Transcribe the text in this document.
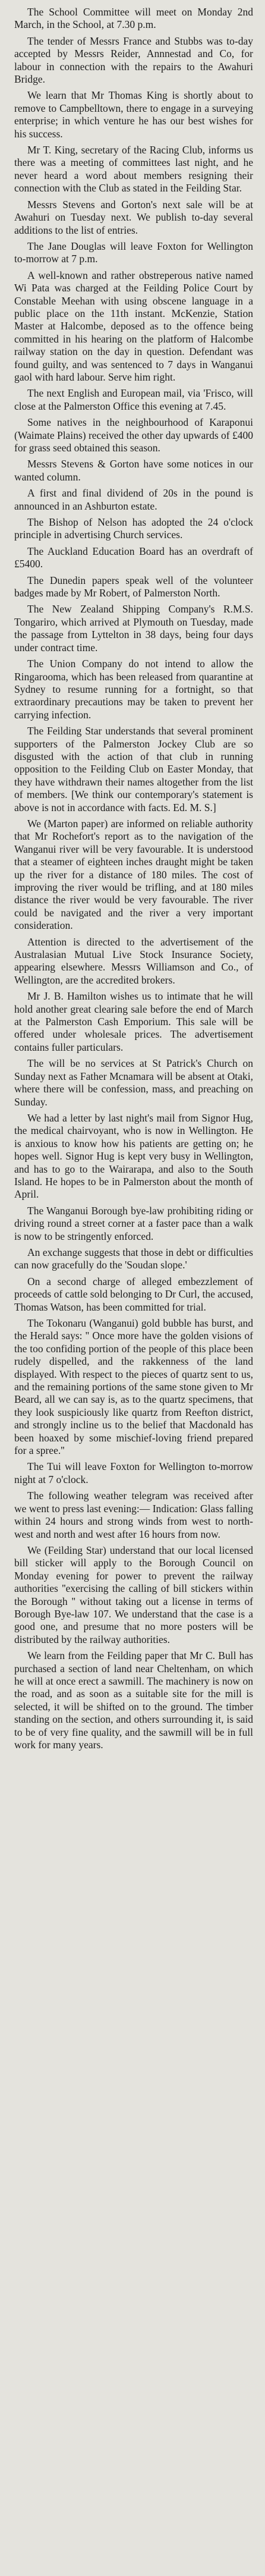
The School Committee will meet on Monday 2nd March, in the School, at 7.30 p.m.

The tender of Messrs France and Stubbs was to-day accepted by Messrs Reider, Annnestad and Co, for labour in connection with the repairs to the Awahuri Bridge.

We learn that Mr Thomas King is shortly about to remove to Campbelltown, there to engage in a surveying enterprise; in which venture he has our best wishes for his success.

Mr T. King, secretary of the Racing Club, informs us there was a meeting of committees last night, and he never heard a word about members resigning their connection with the Club as stated in the Feilding Star.

Messrs Stevens and Gorton's next sale will be at Awahuri on Tuesday next. We publish to-day several additions to the list of entries.

The Jane Douglas will leave Foxton for Wellington to-morrow at 7 p.m.

A well-known and rather obstreperous native named Wi Pata was charged at the Feilding Police Court by Constable Meehan with using obscene language in a public place on the 11th instant. McKenzie, Station Master at Halcombe, deposed as to the offence being committed in his hearing on the platform of Halcombe railway station on the day in question. Defendant was found guilty, and was sentenced to 7 days in Wanganui gaol with hard labour. Serve him right.

The next English and European mail, via 'Frisco, will close at the Palmerston Office this evening at 7.45.

Some natives in the neighbourhood of Karaponui (Waimate Plains) received the other day upwards of £400 for grass seed obtained this season.

Messrs Stevens & Gorton have some notices in our wanted column.

A first and final dividend of 20s in the pound is announced in an Ashburton estate.

The Bishop of Nelson has adopted the 24 o'clock principle in advertising Church services.

The Auckland Education Board has an overdraft of £5400.

The Dunedin papers speak well of the volunteer badges made by Mr Robert, of Palmerston North.

The New Zealand Shipping Company's R.M.S. Tongariro, which arrived at Plymouth on Tuesday, made the passage from Lyttelton in 38 days, being four days under contract time.

The Union Company do not intend to allow the Ringarooma, which has been released from quarantine at Sydney to resume running for a fortnight, so that extraordinary precautions may be taken to prevent her carrying infection.

The Feilding Star understands that several prominent supporters of the Palmerston Jockey Club are so disgusted with the action of that club in running opposition to the Feilding Club on Easter Monday, that they have withdrawn their names altogether from the list of members. [We think our contemporary's statement is above is not in accordance with facts. Ed. M. S.]

We (Marton paper) are informed on reliable authority that Mr Rochefort's report as to the navigation of the Wanganui river will be very favourable. It is understood that a steamer of eighteen inches draught might be taken up the river for a distance of 180 miles. The cost of improving the river would be trifling, and at 180 miles distance the river would be very favourable. The river could be navigated and the river a very important consideration.

Attention is directed to the advertisement of the Australasian Mutual Live Stock Insurance Society, appearing elsewhere. Messrs Williamson and Co., of Wellington, are the accredited brokers.

Mr J. B. Hamilton wishes us to intimate that he will hold another great clearing sale before the end of March at the Palmerston Cash Emporium. This sale will be offered under wholesale prices. The advertisement contains fuller particulars.

The will be no services at St Patrick's Church on Sunday next as Father Mcnamara will be absent at Otaki, where there will be confession, mass, and preaching on Sunday.

We had a letter by last night's mail from Signor Hug, the medical chairvoyant, who is now in Wellington. He is anxious to know how his patients are getting on; he hopes well. Signor Hug is kept very busy in Wellington, and has to go to the Wairarapa, and also to the South Island. He hopes to be in Palmerston about the month of April.

The Wanganui Borough bye-law prohibiting riding or driving round a street corner at a faster pace than a walk is now to be stringently enforced.

An exchange suggests that those in debt or difficulties can now gracefully do the 'Soudan slope.'

On a second charge of alleged embezzlement of proceeds of cattle sold belonging to Dr Curl, the accused, Thomas Watson, has been committed for trial.

The Tokonaru (Wanganui) gold bubble has burst, and the Herald says: '' Once more have the golden visions of the too confiding portion of the people of this place been rudely dispelled, and the rakkenness of the land displayed. With respect to the pieces of quartz sent to us, and the remaining portions of the same stone given to Mr Beard, all we can say is, as to the quartz specimens, that they look suspiciously like quartz from Reefton district, and strongly incline us to the belief that Macdonald has been hoaxed by some mischief-loving friend prepared for a spree.''

The Tui will leave Foxton for Wellington to-morrow night at 7 o'clock.

The following weather telegram was received after we went to press last evening:— Indication: Glass falling within 24 hours and strong winds from west to north-west and north and west after 16 hours from now.

We (Feilding Star) understand that our local licensed bill sticker will apply to the Borough Council on Monday evening for power to prevent the railway authorities ''exercising the calling of bill stickers within the Borough '' without taking out a license in terms of Borough Bye-law 107. We understand that the case is a good one, and presume that no more posters will be distributed by the railway authorities.

We learn from the Feilding paper that Mr C. Bull has purchased a section of land near Cheltenham, on which he will at once erect a sawmill. The machinery is now on the road, and as soon as a suitable site for the mill is selected, it will be shifted on to the ground. The timber standing on the section, and others surrounding it, is said to be of very fine quality, and the sawmill will be in full work for many years.
